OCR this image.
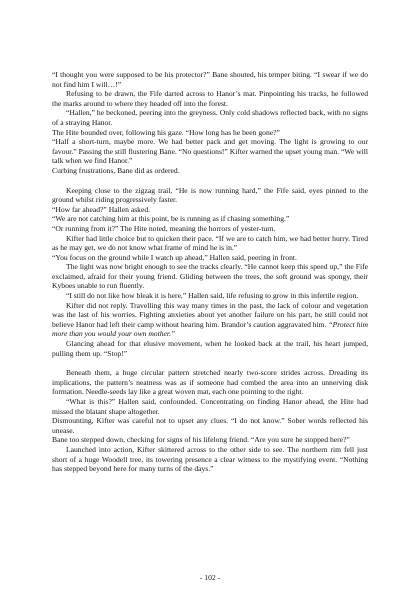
“I thought you were supposed to be his protector?” Bane shouted, his temper biting. “I swear if we do not find him I will…!”

Refusing to be drawn, the Fife darted across to Hanor’s mat. Pinpointing his tracks, he followed the marks around to where they headed off into the forest.

“Hallen,” he beckoned, peering into the greyness. Only cold shadows reflected back, with no signs of a straying Hanor.

The Hite bounded over, following his gaze. “How long has he been gone?”

“Half a short-turn, maybe more. We had better pack and get moving. The light is growing to our favour.” Passing the still flustering Bane. “No questions!” Kifter warned the upset young man. “We will talk when we find Hanor.”

Curbing frustrations, Bane did as ordered.

Keeping close to the zigzag trail, “He is now running hard,” the Fife said, eyes pinned to the ground whilst riding progressively faster.

“How far ahead?” Hallen asked.

“We are not catching him at this point, be is running as if chasing something.”

“Or running from it?” The Hite noted, meaning the horrors of yester-turn.

Kifter had little choice but to quicken their pace. “If we are to catch him, we had better hurry. Tired as he may get, we do not know what frame of mind he is in.”

“You focus on the ground while I watch up ahead,” Hallen said, peering in front.

The light was now bright enough to see the tracks clearly. “He cannot keep this speed up,” the Fife exclaimed, afraid for their young friend. Gliding between the trees, the soft ground was spongy, their Kyboes unable to run fluently.

“I still do not like how bleak it is here,” Hallen said, life refusing to grow in this infertile region.

Kifter did not reply. Travelling this way many times in the past, the lack of colour and vegetation was the last of his worries. Fighting anxieties about yet another failure on his part, he still could not believe Hanor had left their camp without hearing him. Brandor’s caution aggravated him. “Protect him more than you would your own mother.”

Glancing ahead for that elusive movement, when he looked back at the trail, his heart jumped, pulling them up. “Stop!”

Beneath them, a huge circular pattern stretched nearly two-score strides across. Dreading its implications, the pattern’s neatness was as if someone had combed the area into an unnerving disk formation. Needle-seeds lay like a great woven mat, each one pointing to the right.

“What is this?” Hallen said, confounded. Concentrating on finding Hanor ahead, the Hite had missed the blatant shape altogether.

Dismounting, Kifter was careful not to upset any clues. “I do not know.” Sober words reflected his unease.

Bane too stepped down, checking for signs of his lifelong friend. “Are you sure he stopped here?”

Launched into action, Kifter skittered across to the other side to see. The northern rim fell just short of a huge Woodell tree, its towering presence a clear witness to the mystifying event. “Nothing has stepped beyond here for many turns of the days.”

- 102 -
